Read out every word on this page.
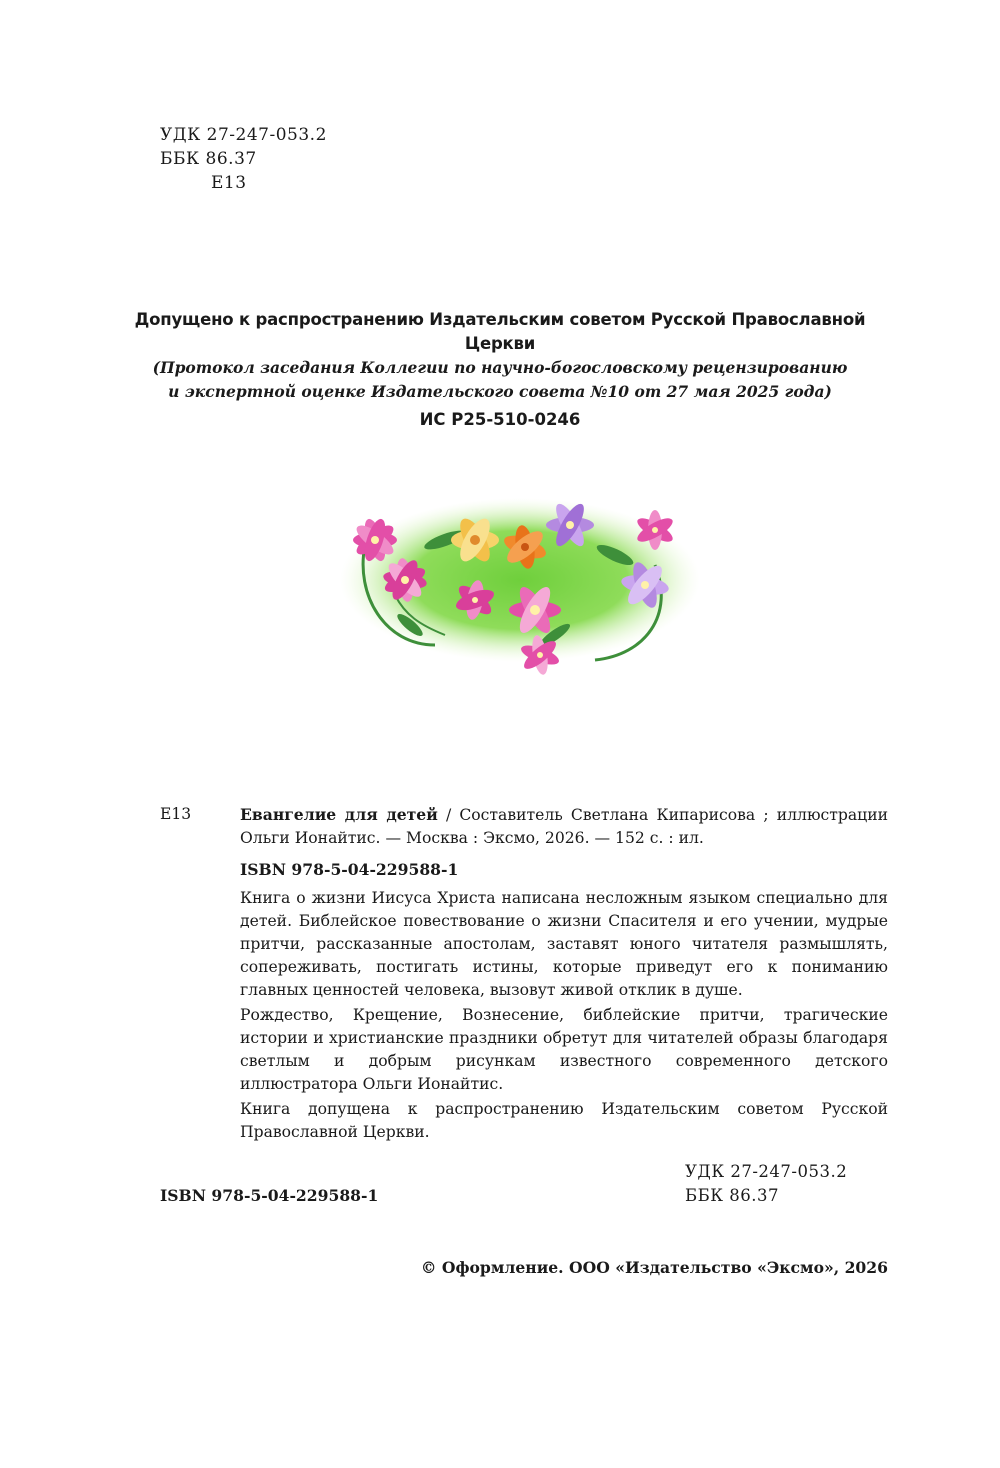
УДК 27-247-053.2
ББК 86.37
Е13
Допущено к распространению Издательским советом Русской Православной Церкви
(Протокол заседания Коллегии по научно-богословскому рецензированию
и экспертной оценке Издательского совета №10 от 27 мая 2025 года)
ИС Р25-510-0246
Е13	Евангелие для детей / Составитель Светлана Кипарисова ; иллюстрации Ольги Ионайтис. — Москва : Эксмо, 2026. — 152 с. : ил.
ISBN 978-5-04-229588-1
Книга о жизни Иисуса Христа написана несложным языком специально для детей. Библейское повествование о жизни Спасителя и его учении, мудрые притчи, рассказанные апостолам, заставят юного читателя размышлять, сопереживать, постигать истины, которые приведут его к пониманию главных ценностей человека, вызовут живой отклик в душе.
Рождество, Крещение, Вознесение, библейские притчи, трагические истории и христианские праздники обретут для читателей образы благодаря светлым и добрым рисункам известного современного детского иллюстратора Ольги Ионайтис.
Книга допущена к распространению Издательским советом Русской Православной Церкви.
УДК 27-247-053.2
ББК 86.37
ISBN 978-5-04-229588-1
© Оформление. ООО «Издательство «Эксмо», 2026
